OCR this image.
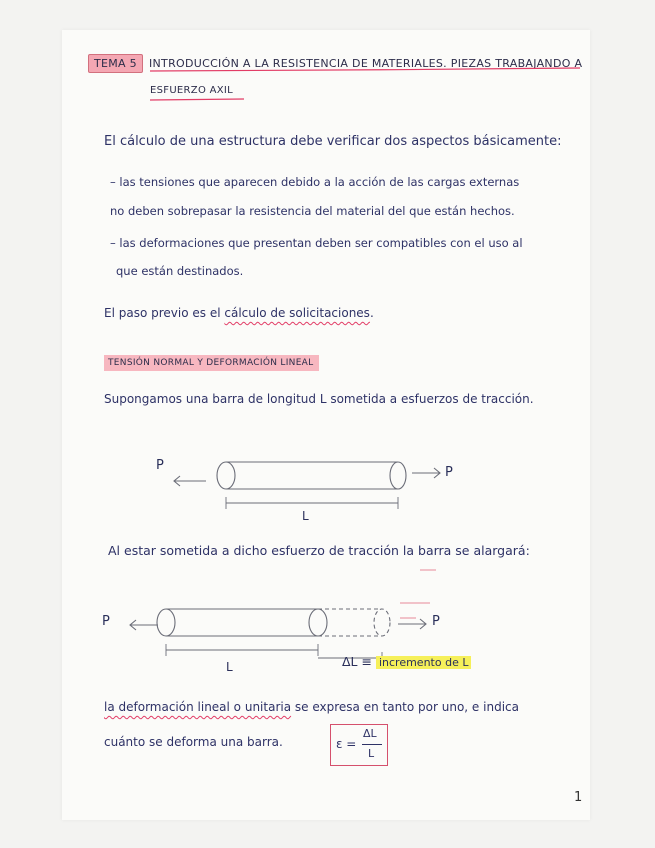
TEMA 5 INTRODUCCIÓN A LA RESISTENCIA DE MATERIALES. PIEZAS TRABAJANDO A
ESFUERZO AXIL
El cálculo de una estructura debe verificar dos aspectos básicamente:
– las tensiones que aparecen debido a la acción de las cargas externas
no deben sobrepasar la resistencia del material del que están hechos.
– las deformaciones que presentan deben ser compatibles con el uso al
que están destinados.
El paso previo es el cálculo de solicitaciones.
TENSIÓN NORMAL Y DEFORMACIÓN LINEAL
Supongamos una barra de longitud L sometida a esfuerzos de tracción.
P	P
L
Al estar sometida a dicho esfuerzo de tracción la barra se alargará:
P	P
L	ΔL ≡ incremento de L
la deformación lineal o unitaria se expresa en tanto por uno, e indica
cuánto se deforma una barra.	ε =
ΔL
L
1
